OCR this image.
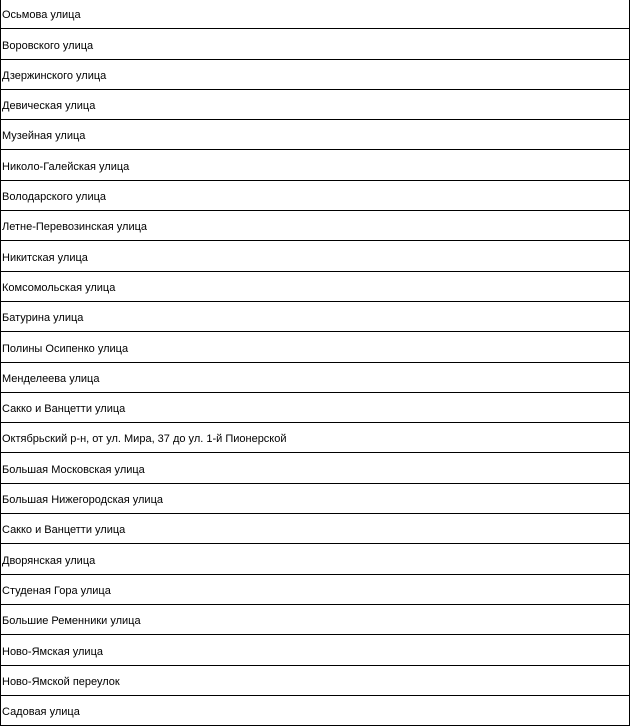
Осьмова улица
Воровского улица
Дзержинского улица
Девическая улица
Музейная улица
Николо-Галейская улица
Володарского улица
Летне-Перевозинская улица
Никитская улица
Комсомольская улица
Батурина улица
Полины Осипенко улица
Менделеева улица
Сакко и Ванцетти улица
Октябрьский р-н, от ул. Мира, 37 до ул. 1-й Пионерской
Большая Московская улица
Большая Нижегородская улица
Сакко и Ванцетти улица
Дворянская улица
Студеная Гора улица
Большие Ременники улица
Ново-Ямская улица
Ново-Ямской переулок
Садовая улица
